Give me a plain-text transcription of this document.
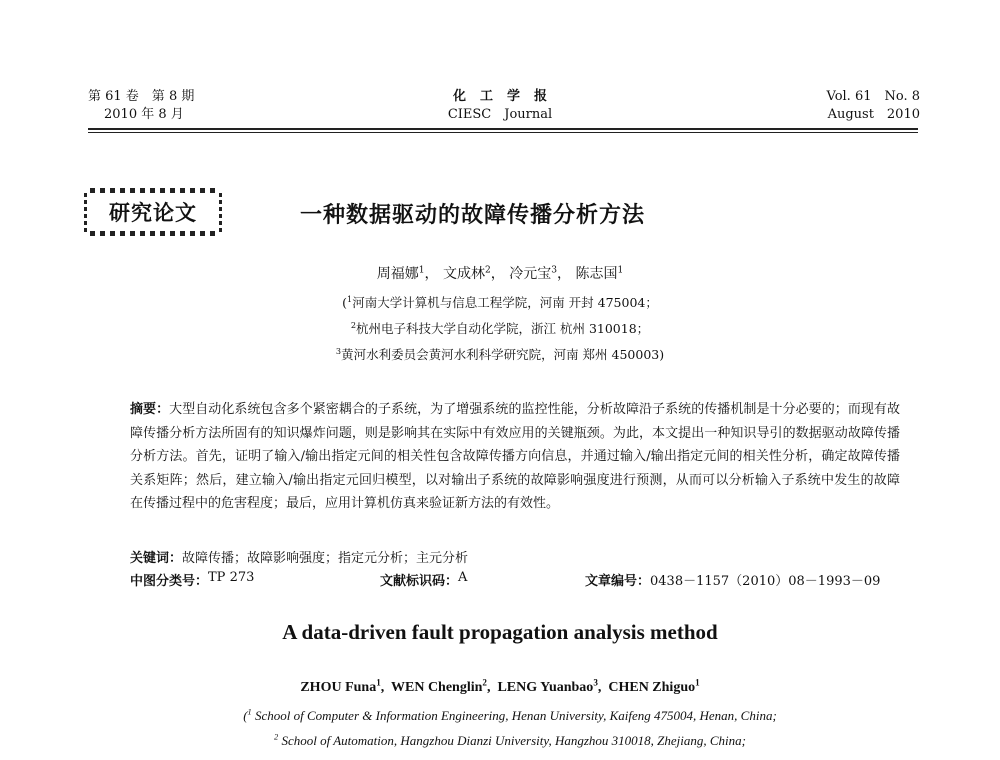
第 61 卷　第 8 期
2010 年 8 月
化工学报
CIESC　Journal
Vol. 61　No. 8
August　2010
研究论文	一种数据驱动的故障传播分析方法
周福娜$^1$， 文成林$^2$， 冷元宝$^3$， 陈志国$^1$
($^1$河南大学计算机与信息工程学院，河南 开封 475004；
$^2$杭州电子科技大学自动化学院，浙江 杭州 310018；
$^3$黄河水利委员会黄河水利科学研究院，河南 郑州 450003)
摘要：大型自动化系统包含多个紧密耦合的子系统，为了增强系统的监控性能，分析故障沿子系统的传播机制是十分必要的；而现有故障传播分析方法所固有的知识爆炸问题，则是影响其在实际中有效应用的关键瓶颈。为此，本文提出一种知识导引的数据驱动故障传播分析方法。首先，证明了输入/输出指定元间的相关性包含故障传播方向信息，并通过输入/输出指定元间的相关性分析，确定故障传播关系矩阵；然后，建立输入/输出指定元回归模型，以对输出子系统的故障影响强度进行预测，从而可以分析输入子系统中发生的故障在传播过程中的危害程度；最后，应用计算机仿真来验证新方法的有效性。
关键词：故障传播；故障影响强度；指定元分析；主元分析
中图分类号： TP 273	文献标识码： A	文章编号： 0438－1157（2010）08－1993－09
A data-driven fault propagation analysis method
ZHOU Funa$^1$,  WEN Chenglin$^2$,  LENG Yuanbao$^3$,  CHEN Zhiguo$^1$
($^1$ School of Computer & Information Engineering, Henan University, Kaifeng 475004, Henan, China;
$^2$ School of Automation, Hangzhou Dianzi University, Hangzhou 310018, Zhejiang, China;
